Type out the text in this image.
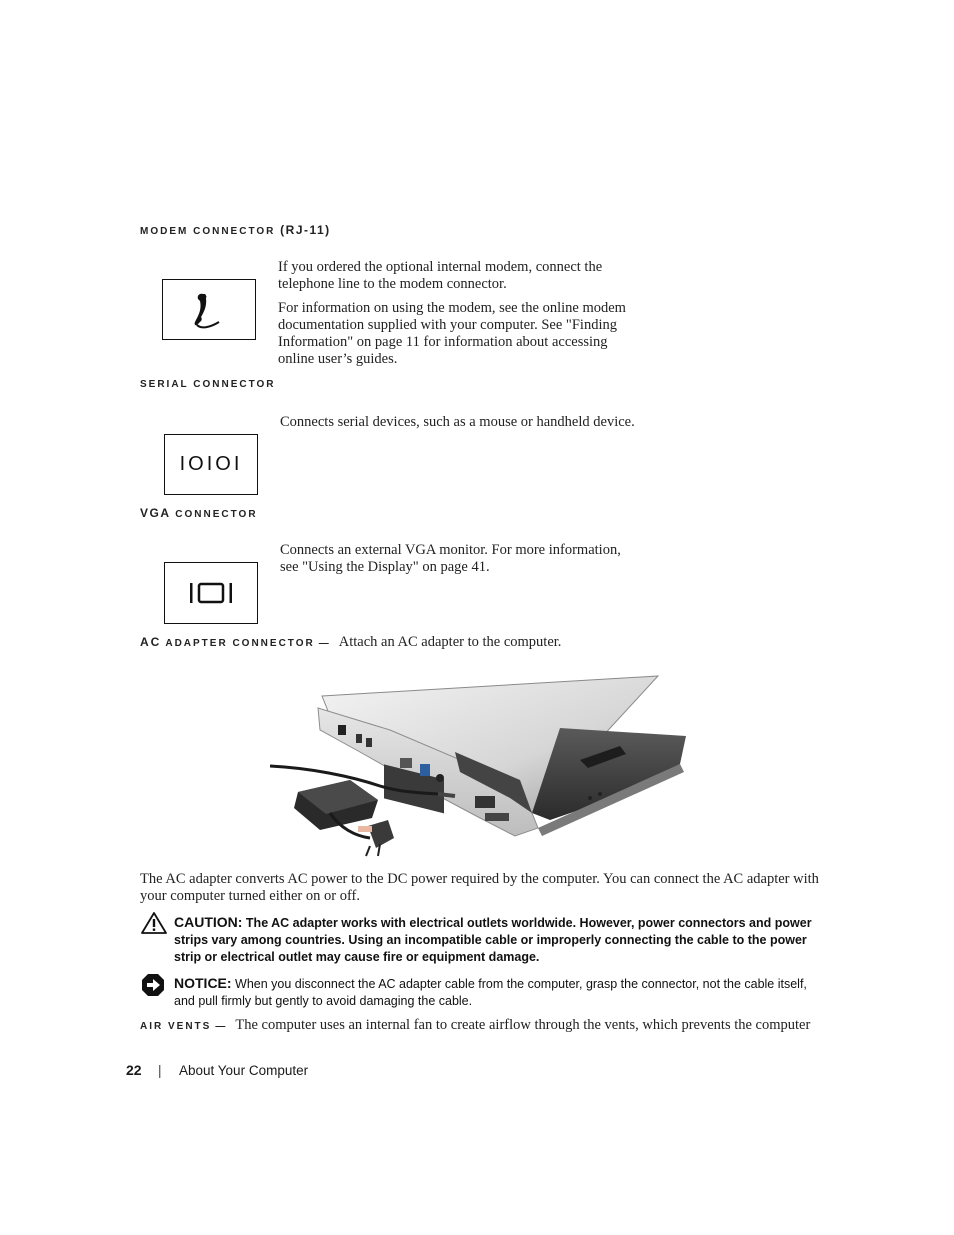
MODEM CONNECTOR (RJ-11)

If you ordered the optional internal modem, connect the telephone line to the modem connector.

For information on using the modem, see the online modem documentation supplied with your computer. See "Finding Information" on page 11 for information about accessing online user’s guides.

SERIAL CONNECTOR
IOIOI
Connects serial devices, such as a mouse or handheld device.
VGA CONNECTOR
Connects an external VGA monitor. For more information, see "Using the Display" on page 41.
AC ADAPTER CONNECTOR — Attach an AC adapter to the computer.
The AC adapter converts AC power to the DC power required by the computer. You can connect the AC adapter with your computer turned either on or off.
CAUTION: The AC adapter works with electrical outlets worldwide. However, power connectors and power strips vary among countries. Using an incompatible cable or improperly connecting the cable to the power strip or electrical outlet may cause fire or equipment damage.
NOTICE: When you disconnect the AC adapter cable from the computer, grasp the connector, not the cable itself, and pull firmly but gently to avoid damaging the cable.
AIR VENTS — The computer uses an internal fan to create airflow through the vents, which prevents the computer
22 | About Your Computer
